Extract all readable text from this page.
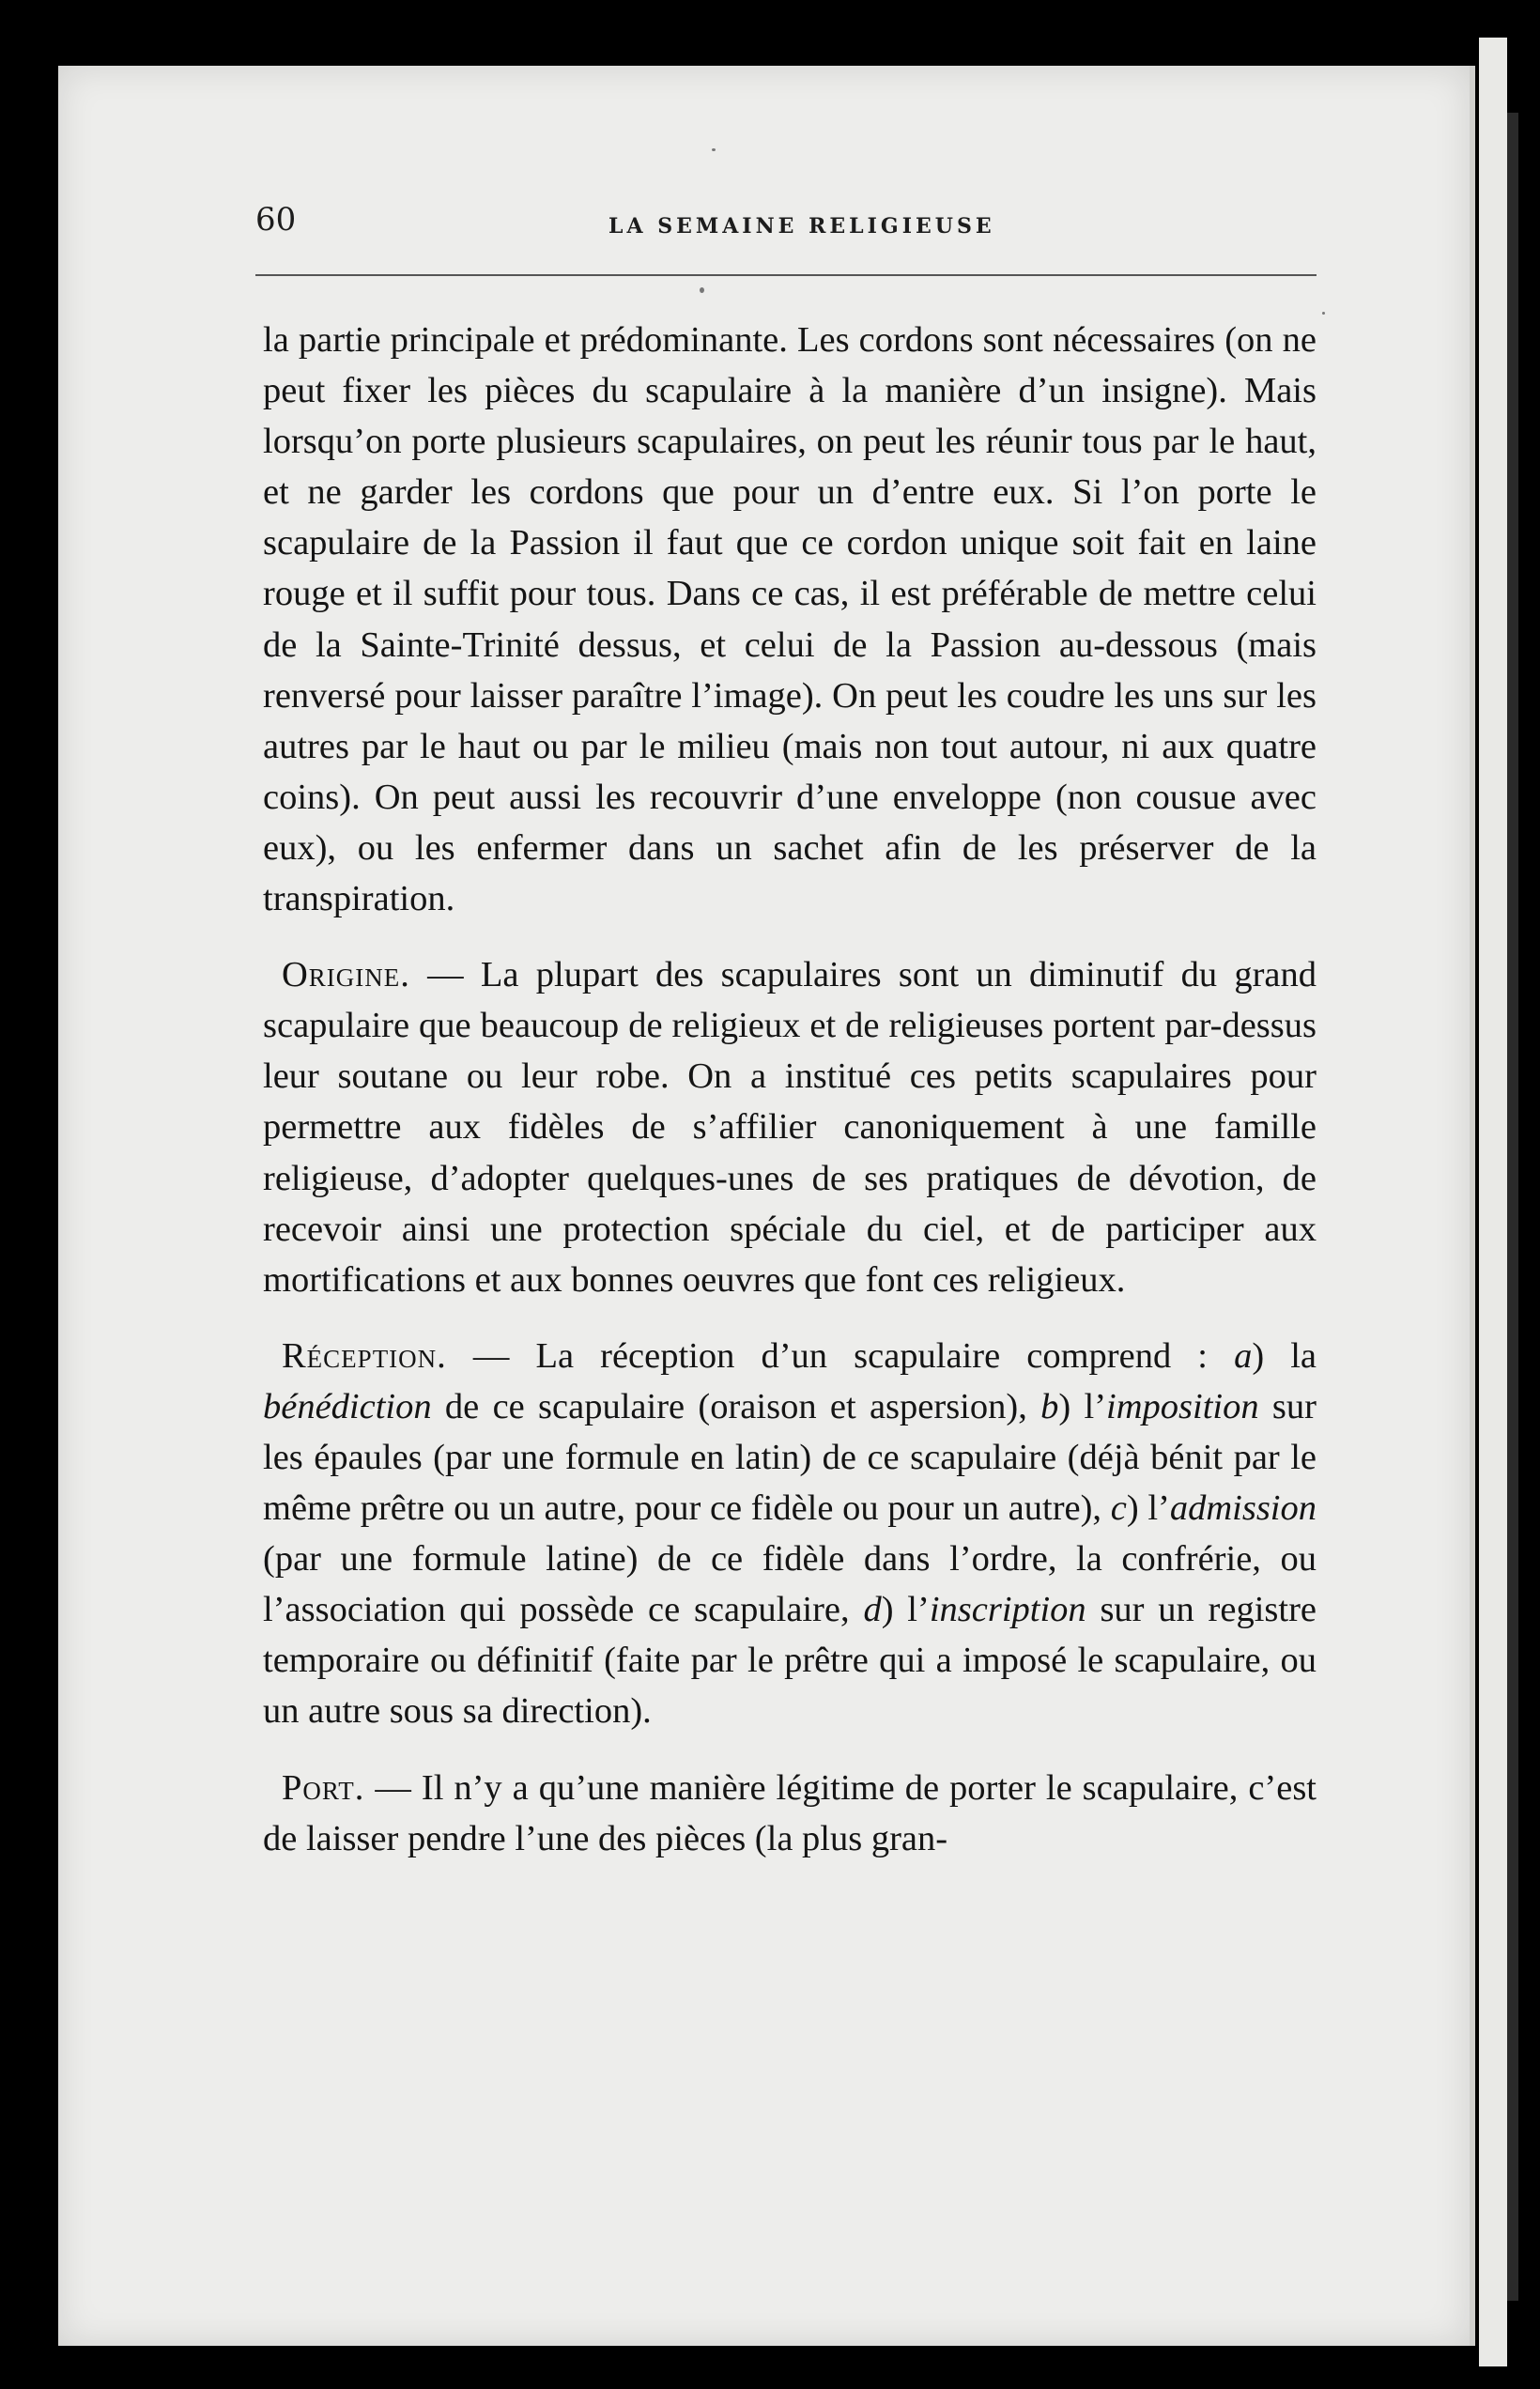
60	LA SEMAINE RELIGIEUSE

la partie principale et prédominante. Les cordons sont nécessaires (on ne peut fixer les pièces du scapulaire à la manière d’un insigne). Mais lorsqu’on porte plusieurs scapulaires, on peut les réunir tous par le haut, et ne garder les cordons que pour un d’entre eux. Si l’on porte le scapulaire de la Passion il faut que ce cordon unique soit fait en laine rouge et il suffit pour tous. Dans ce cas, il est préférable de mettre celui de la Sainte-Trinité dessus, et celui de la Passion au-dessous (mais renversé pour laisser paraître l’image). On peut les coudre les uns sur les autres par le haut ou par le milieu (mais non tout autour, ni aux quatre coins). On peut aussi les recouvrir d’une enveloppe (non cousue avec eux), ou les enfermer dans un sachet afin de les préserver de la transpiration.

Origine. — La plupart des scapulaires sont un diminutif du grand scapulaire que beaucoup de religieux et de religieuses portent par-dessus leur soutane ou leur robe. On a institué ces petits scapulaires pour permettre aux fidèles de s’affilier canoniquement à une famille religieuse, d’adopter quelques-unes de ses pratiques de dévotion, de recevoir ainsi une protection spéciale du ciel, et de participer aux mortifications et aux bonnes oeuvres que font ces religieux.

Réception. — La réception d’un scapulaire comprend : a) la bénédiction de ce scapulaire (oraison et aspersion), b) l’imposition sur les épaules (par une formule en latin) de ce scapulaire (déjà bénit par le même prêtre ou un autre, pour ce fidèle ou pour un autre), c) l’admission (par une formule latine) de ce fidèle dans l’ordre, la confrérie, ou l’association qui possède ce scapulaire, d) l’inscription sur un registre temporaire ou définitif (faite par le prêtre qui a imposé le scapulaire, ou un autre sous sa direction).

Port. — Il n’y a qu’une manière légitime de porter le scapulaire, c’est de laisser pendre l’une des pièces (la plus gran-
